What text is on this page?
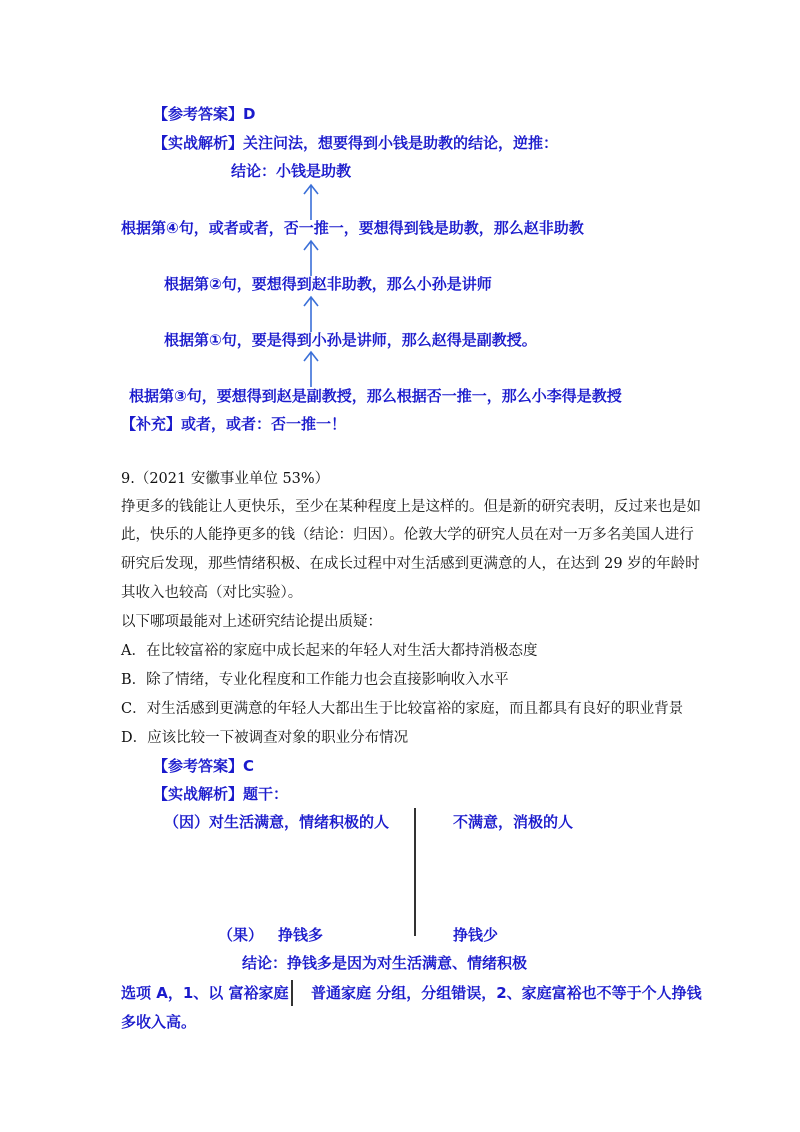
【参考答案】D
【实战解析】关注问法，想要得到小钱是助教的结论，逆推：
结论：小钱是助教
根据第④句，或者或者，否一推一，要想得到钱是助教，那么赵非助教
根据第②句，要想得到赵非助教，那么小孙是讲师
根据第①句，要是得到小孙是讲师，那么赵得是副教授。
根据第③句，要想得到赵是副教授，那么根据否一推一，那么小李得是教授
【补充】或者，或者：否一推一！
9.（2021 安徽事业单位 53%）
挣更多的钱能让人更快乐，至少在某种程度上是这样的。但是新的研究表明，反过来也是如
此，快乐的人能挣更多的钱（结论：归因）。伦敦大学的研究人员在对一万多名美国人进行
研究后发现，那些情绪积极、在成长过程中对生活感到更满意的人，在达到 29 岁的年龄时
其收入也较高（对比实验）。
以下哪项最能对上述研究结论提出质疑：
A．在比较富裕的家庭中成长起来的年轻人对生活大都持消极态度
B．除了情绪，专业化程度和工作能力也会直接影响收入水平
C．对生活感到更满意的年轻人大都出生于比较富裕的家庭，而且都具有良好的职业背景
D．应该比较一下被调查对象的职业分布情况
【参考答案】C
【实战解析】题干：
（因）对生活满意，情绪积极的人	不满意，消极的人
（果） 挣钱多	挣钱少
结论：挣钱多是因为对生活满意、情绪积极
选项 A，1、以 富裕家庭 普通家庭 分组，分组错误，2、家庭富裕也不等于个人挣钱
多收入高。
